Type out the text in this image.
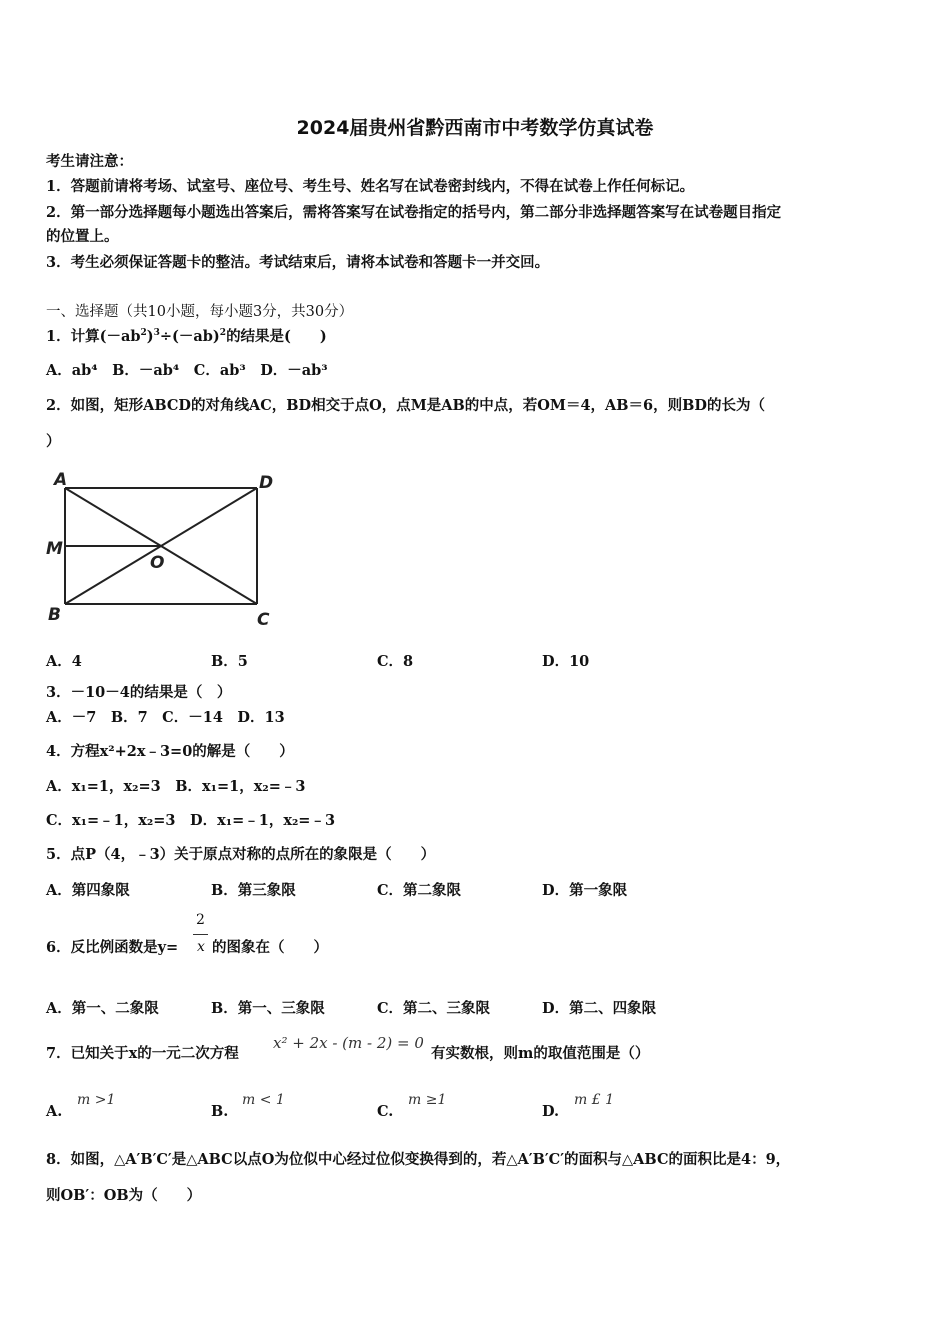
2024届贵州省黔西南市中考数学仿真试卷
考生请注意：
1．答题前请将考场、试室号、座位号、考生号、姓名写在试卷密封线内，不得在试卷上作任何标记。
2．第一部分选择题每小题选出答案后，需将答案写在试卷指定的括号内，第二部分非选择题答案写在试卷题目指定
的位置上。
3．考生必须保证答题卡的整洁。考试结束后，请将本试卷和答题卡一并交回。
一、选择题（共10小题，每小题3分，共30分）
1．计算$(-ab^2)^3\div(-ab)^2$的结果是(　　)
A．ab⁴　B．－ab⁴　C．ab³　D．－ab³
2．如图，矩形ABCD的对角线AC，BD相交于点O，点M是AB的中点，若OM＝4，AB＝6，则BD的长为（
）
A	D
M
O
B	C
A．4	B．5	C．8	D．10
3．－10－4的结果是（　）
A．－7　B．7　C．－14　D．13
4．方程x²+2x﹣3=0的解是（　　）
A．x₁=1，x₂=3　B．x₁=1，x₂=﹣3
C．x₁=﹣1，x₂=3　D．x₁=﹣1，x₂=﹣3
5．点P（4，﹣3）关于原点对称的点所在的象限是（　　）
A．第四象限	B．第三象限	C．第二象限	D．第一象限
6．反比例函数是y=
2
x 的图象在（　　）
A．第一、二象限	B．第一、三象限	C．第二、三象限	D．第二、四象限
7．已知关于x的一元二次方程
x² + 2x - (m - 2) = 0
有实数根，则m的取值范围是（）
A.
m >1
B.
m < 1
C.
m ≥1
D.
m £ 1
8．如图，△A′B′C′是△ABC以点O为位似中心经过位似变换得到的，若△A′B′C′的面积与△ABC的面积比是4：9，
则OB′：OB为（　　）
